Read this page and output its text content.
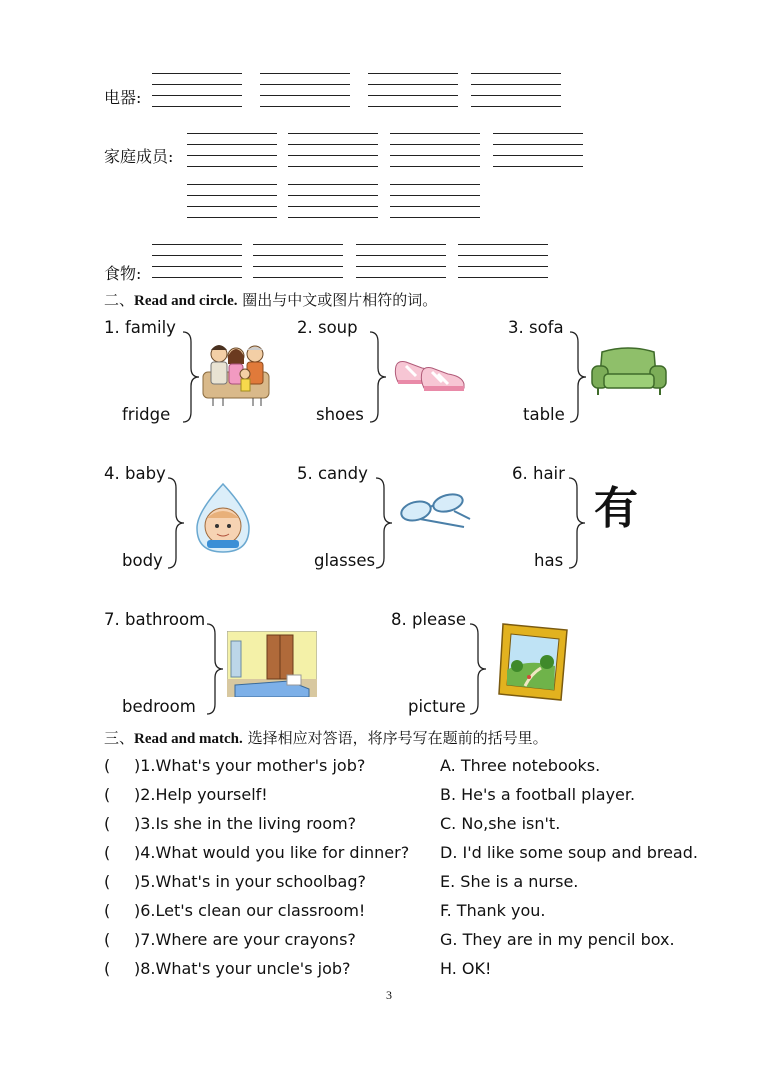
电器:
家庭成员:
食物:
二、Read and circle. 圈出与中文或图片相符的词。
1. family
fridge
2. soup
shoes
3. sofa
table
4. baby
body
5. candy
glasses
6. hair
has
有
7. bathroom
bedroom
8. please
picture
三、Read and match. 选择相应对答语，将序号写在题前的括号里。
( )1.What's your mother's job?	A. Three notebooks.
( )2.Help yourself!	B. He's a football player.
( )3.Is she in the living room?	C. No,she isn't.
( )4.What would you like for dinner? D. I'd like some soup and bread.
( )5.What's in your schoolbag?	E. She is a nurse.
( )6.Let's clean our classroom!	F. Thank you.
( )7.Where are your crayons?	G. They are in my pencil box.
( )8.What's your uncle's job?	H. OK!
3
